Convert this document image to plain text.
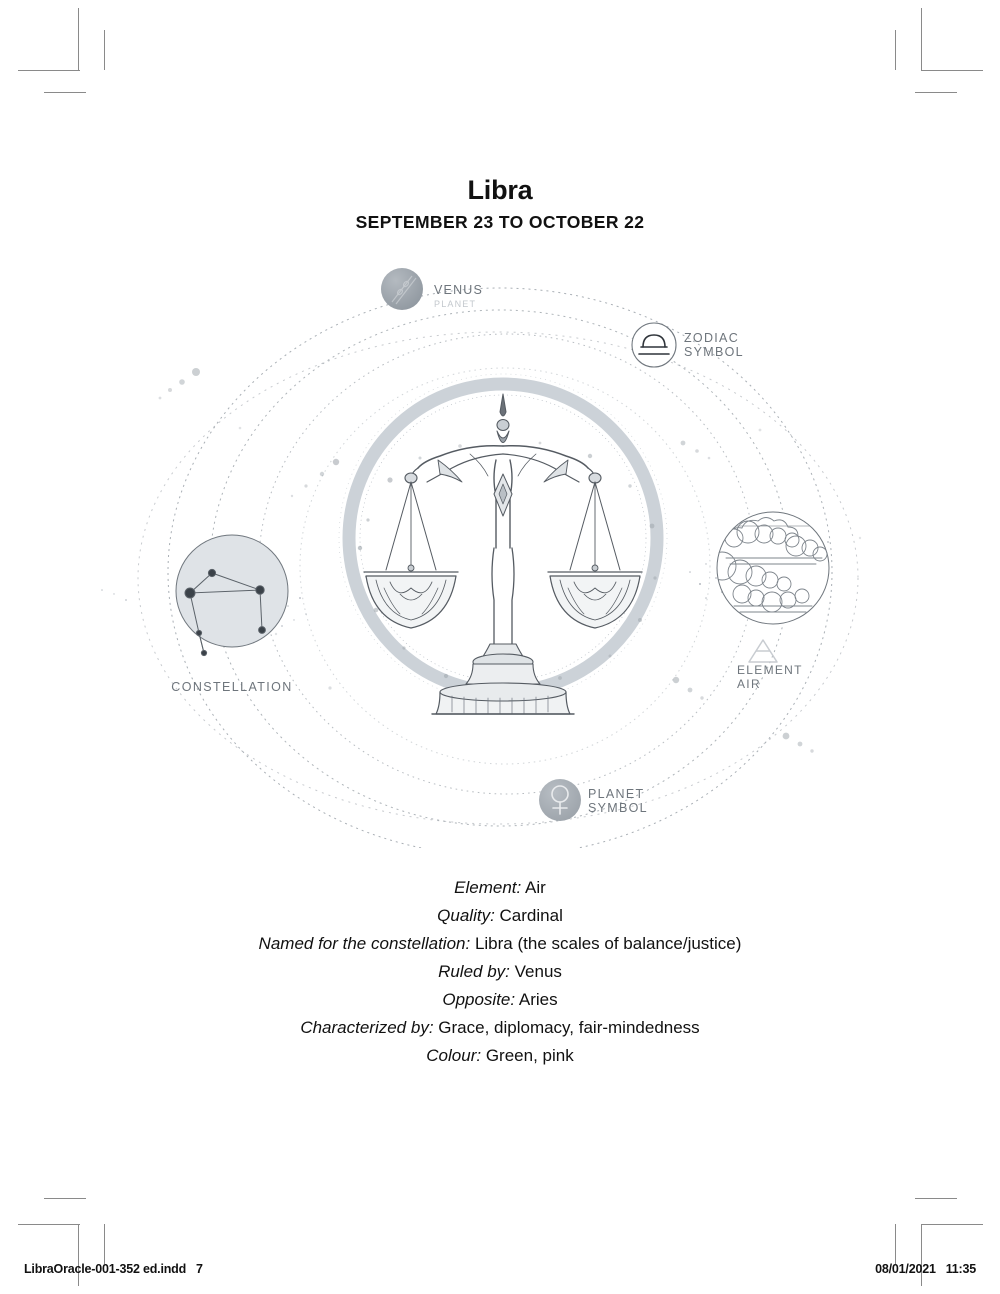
Libra
SEPTEMBER 23 TO OCTOBER 22
VENUS
PLANET
ZODIAC
SYMBOL
ELEMENT
AIR
PLANET
SYMBOL
CONSTELLATION
Element: Air
Quality: Cardinal
Named for the constellation: Libra (the scales of balance/justice)
Ruled by: Venus
Opposite: Aries
Characterized by: Grace, diplomacy, fair-mindedness
Colour: Green, pink
LibraOracle-001-352 ed.indd 7	08/01/2021 11:35
